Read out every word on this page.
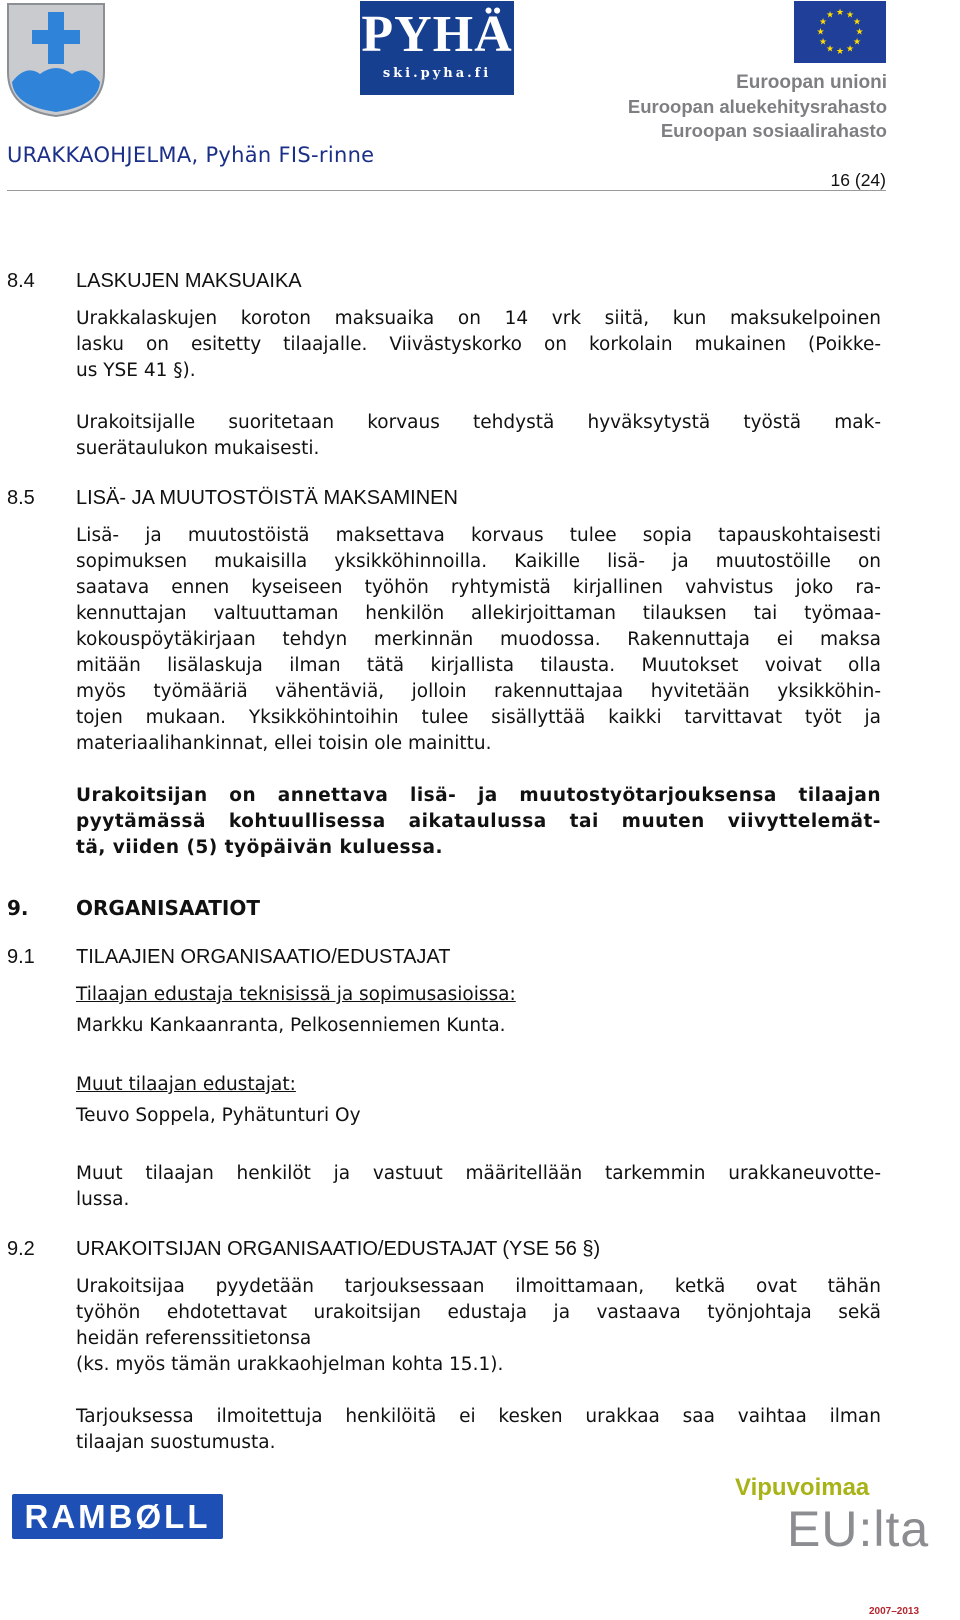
PYHÄ
ski.pyha.fi
★ ★
★
★
★
★
★
★
★
★
★
★
Euroopan unioni
Euroopan aluekehitysrahasto
Euroopan sosiaalirahasto
URAKKAOHJELMA, Pyhän FIS-rinne
16 (24)
8.4 LASKUJEN MAKSUAIKA
Urakkalaskujen koroton maksuaika on 14 vrk siitä, kun maksukelpoinen
lasku on esitetty tilaajalle. Viivästyskorko on korkolain mukainen (Poikke-
us YSE 41 §).
Urakoitsijalle suoritetaan korvaus tehdystä hyväksytystä työstä mak-
suerätaulukon mukaisesti.
8.5 LISÄ- JA MUUTOSTÖISTÄ MAKSAMINEN
Lisä- ja muutostöistä maksettava korvaus tulee sopia tapauskohtaisesti
sopimuksen mukaisilla yksikköhinnoilla. Kaikille lisä- ja muutostöille on
saatava ennen kyseiseen työhön ryhtymistä kirjallinen vahvistus joko ra-
kennuttajan valtuuttaman henkilön allekirjoittaman tilauksen tai työmaa-
kokouspöytäkirjaan tehdyn merkinnän muodossa. Rakennuttaja ei maksa
mitään lisälaskuja ilman tätä kirjallista tilausta. Muutokset voivat olla
myös työmääriä vähentäviä, jolloin rakennuttajaa hyvitetään yksikköhin-
tojen mukaan. Yksikköhintoihin tulee sisällyttää kaikki tarvittavat työt ja
materiaalihankinnat, ellei toisin ole mainittu.
Urakoitsijan on annettava lisä- ja muutostyötarjouksensa tilaajan
pyytämässä kohtuullisessa aikataulussa tai muuten viivyttelemät-
tä, viiden (5) työpäivän kuluessa.
9. ORGANISAATIOT
9.1 TILAAJIEN ORGANISAATIO/EDUSTAJAT
Tilaajan edustaja teknisissä ja sopimusasioissa:
Markku Kankaanranta, Pelkosenniemen Kunta.
Muut tilaajan edustajat:
Teuvo Soppela, Pyhätunturi Oy
Muut tilaajan henkilöt ja vastuut määritellään tarkemmin urakkaneuvotte-
lussa.
9.2 URAKOITSIJAN ORGANISAATIO/EDUSTAJAT (YSE 56 §)
Urakoitsijaa pyydetään tarjouksessaan ilmoittamaan, ketkä ovat tähän
työhön ehdotettavat urakoitsijan edustaja ja vastaava työnjohtaja sekä
heidän referenssitietonsa
(ks. myös tämän urakkaohjelman kohta 15.1).
Tarjouksessa ilmoitettuja henkilöitä ei kesken urakkaa saa vaihtaa ilman
tilaajan suostumusta.
RAMBØLL
Vipuvoimaa
EU:lta
2007–2013
